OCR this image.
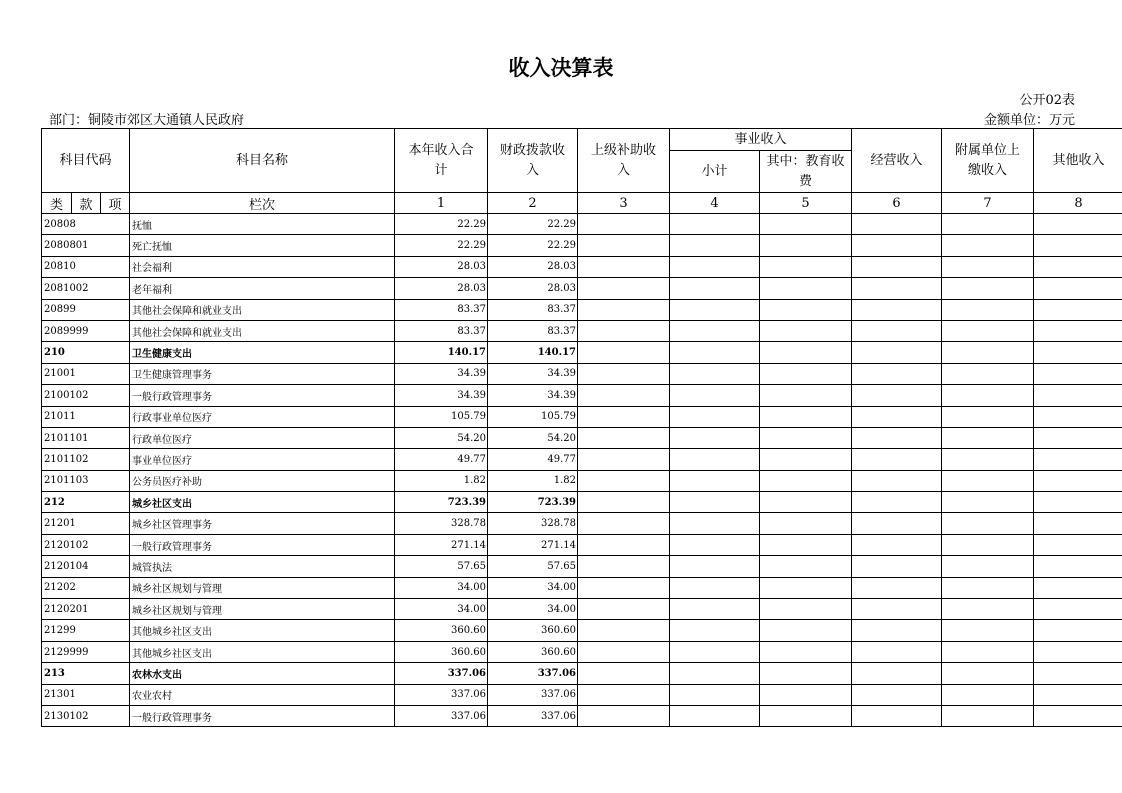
收入决算表
公开02表
部门：铜陵市郊区大通镇人民政府	金额单位：万元
科目代码			科目名称	本年收入合计	财政拨款收入	上级补助收入	事业收入		经营收入	附属单位上缴收入	其他收入
							小计	其中：教育收费			
类	款	项	栏次	1	2	3	4	5	6	7	8
20808			抚恤	22.29	22.29						
2080801			死亡抚恤	22.29	22.29						
20810			社会福利	28.03	28.03						
2081002			老年福利	28.03	28.03						
20899			其他社会保障和就业支出	83.37	83.37						
2089999			其他社会保障和就业支出	83.37	83.37						
210			卫生健康支出	140.17	140.17						
21001			卫生健康管理事务	34.39	34.39						
2100102			一般行政管理事务	34.39	34.39						
21011			行政事业单位医疗	105.79	105.79						
2101101			行政单位医疗	54.20	54.20						
2101102			事业单位医疗	49.77	49.77						
2101103			公务员医疗补助	1.82	1.82						
212			城乡社区支出	723.39	723.39						
21201			城乡社区管理事务	328.78	328.78						
2120102			一般行政管理事务	271.14	271.14						
2120104			城管执法	57.65	57.65						
21202			城乡社区规划与管理	34.00	34.00						
2120201			城乡社区规划与管理	34.00	34.00						
21299			其他城乡社区支出	360.60	360.60						
2129999			其他城乡社区支出	360.60	360.60						
213			农林水支出	337.06	337.06						
21301			农业农村	337.06	337.06						
2130102			一般行政管理事务	337.06	337.06						
